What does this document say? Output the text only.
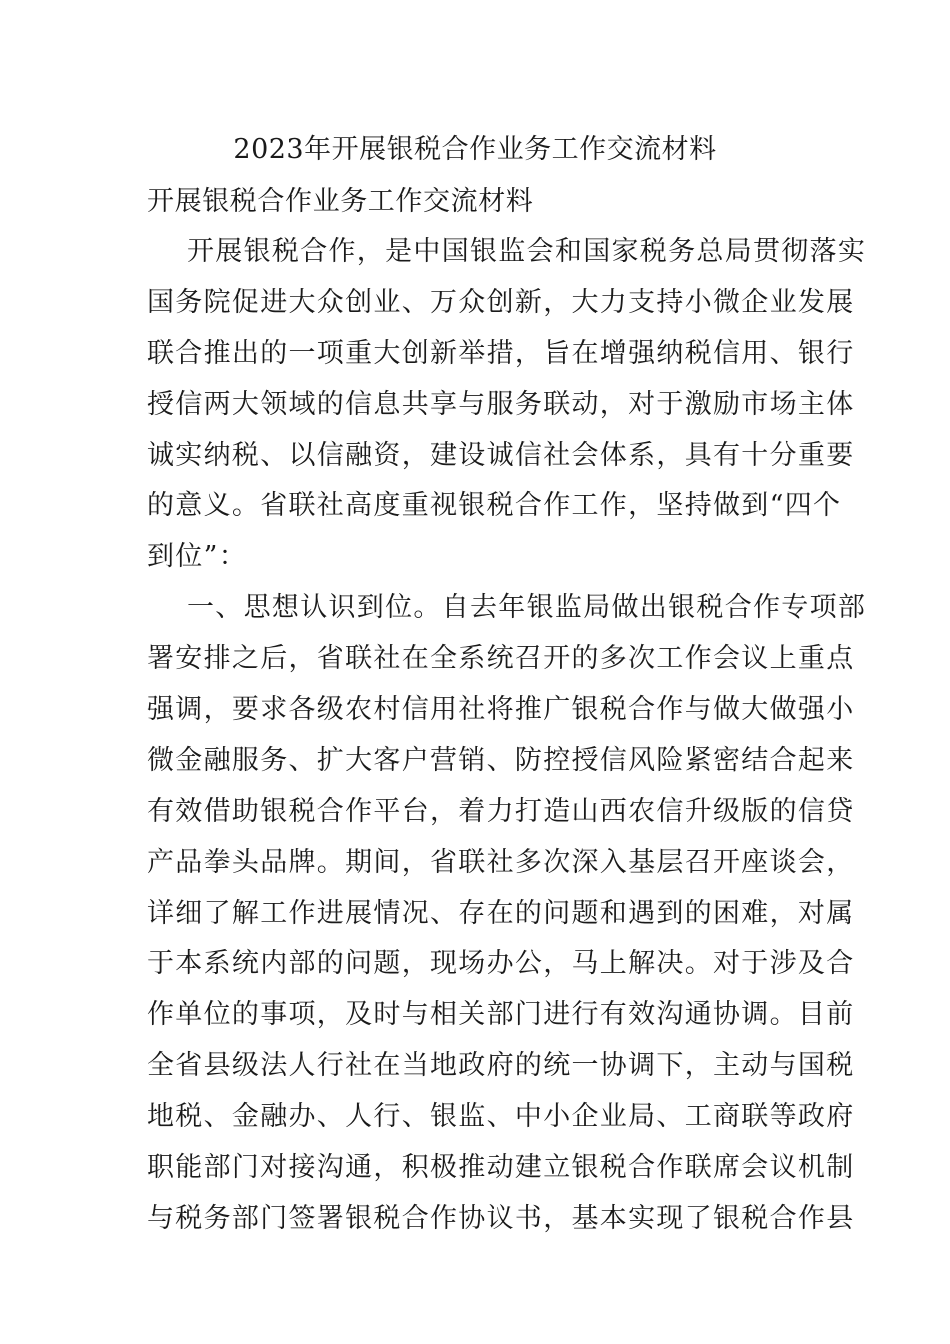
2023年开展银税合作业务工作交流材料
开展银税合作业务工作交流材料
开展银税合作，是中国银监会和国家税务总局贯彻落实
国务院促进大众创业、万众创新，大力支持小微企业发展
联合推出的一项重大创新举措，旨在增强纳税信用、银行
授信两大领域的信息共享与服务联动，对于激励市场主体
诚实纳税、以信融资，建设诚信社会体系，具有十分重要
的意义。省联社高度重视银税合作工作，坚持做到“四个
到位”：
一、思想认识到位。自去年银监局做出银税合作专项部
署安排之后，省联社在全系统召开的多次工作会议上重点
强调，要求各级农村信用社将推广银税合作与做大做强小
微金融服务、扩大客户营销、防控授信风险紧密结合起来
有效借助银税合作平台，着力打造山西农信升级版的信贷
产品拳头品牌。期间，省联社多次深入基层召开座谈会，
详细了解工作进展情况、存在的问题和遇到的困难，对属
于本系统内部的问题，现场办公，马上解决。对于涉及合
作单位的事项，及时与相关部门进行有效沟通协调。目前
全省县级法人行社在当地政府的统一协调下，主动与国税
地税、金融办、人行、银监、中小企业局、工商联等政府
职能部门对接沟通，积极推动建立银税合作联席会议机制
与税务部门签署银税合作协议书，基本实现了银税合作县
